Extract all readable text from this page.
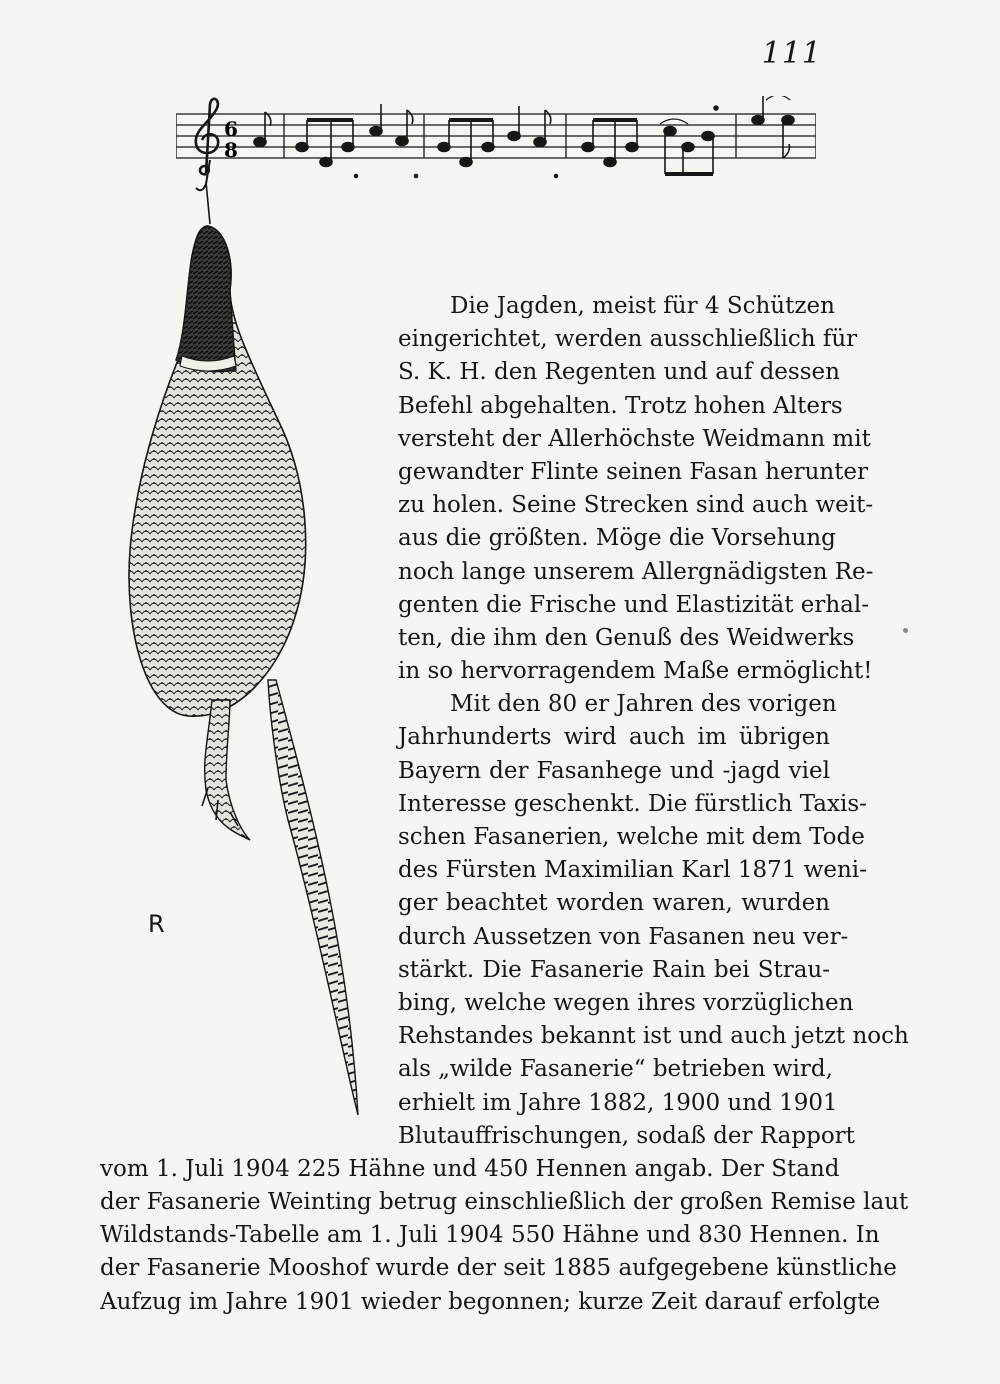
111
6
8
R
Die Jagden, meist für 4 Schützen
eingerichtet, werden ausschließlich für
S. K. H. den Regenten und auf dessen
Befehl abgehalten. Trotz hohen Alters
versteht der Allerhöchste Weidmann mit
gewandter Flinte seinen Fasan herunter
zu holen. Seine Strecken sind auch weit-
aus die größten. Möge die Vorsehung
noch lange unserem Allergnädigsten Re-
genten die Frische und Elastizität erhal-
ten, die ihm den Genuß des Weidwerks
in so hervorragendem Maße ermöglicht!
Mit den 80 er Jahren des vorigen
Jahrhunderts wird auch im übrigen
Bayern der Fasanhege und -jagd viel
Interesse geschenkt. Die fürstlich Taxis-
schen Fasanerien, welche mit dem Tode
des Fürsten Maximilian Karl 1871 weni-
ger beachtet worden waren, wurden
durch Aussetzen von Fasanen neu ver-
stärkt. Die Fasanerie Rain bei Strau-
bing, welche wegen ihres vorzüglichen
Rehstandes bekannt ist und auch jetzt noch
als „wilde Fasanerie“ betrieben wird,
erhielt im Jahre 1882, 1900 und 1901
Blutauffrischungen, sodaß der Rapport
vom 1. Juli 1904 225 Hähne und 450 Hennen angab. Der Stand
der Fasanerie Weinting betrug einschließlich der großen Remise laut
Wildstands-Tabelle am 1. Juli 1904 550 Hähne und 830 Hennen. In
der Fasanerie Mooshof wurde der seit 1885 aufgegebene künstliche
Aufzug im Jahre 1901 wieder begonnen; kurze Zeit darauf erfolgte
